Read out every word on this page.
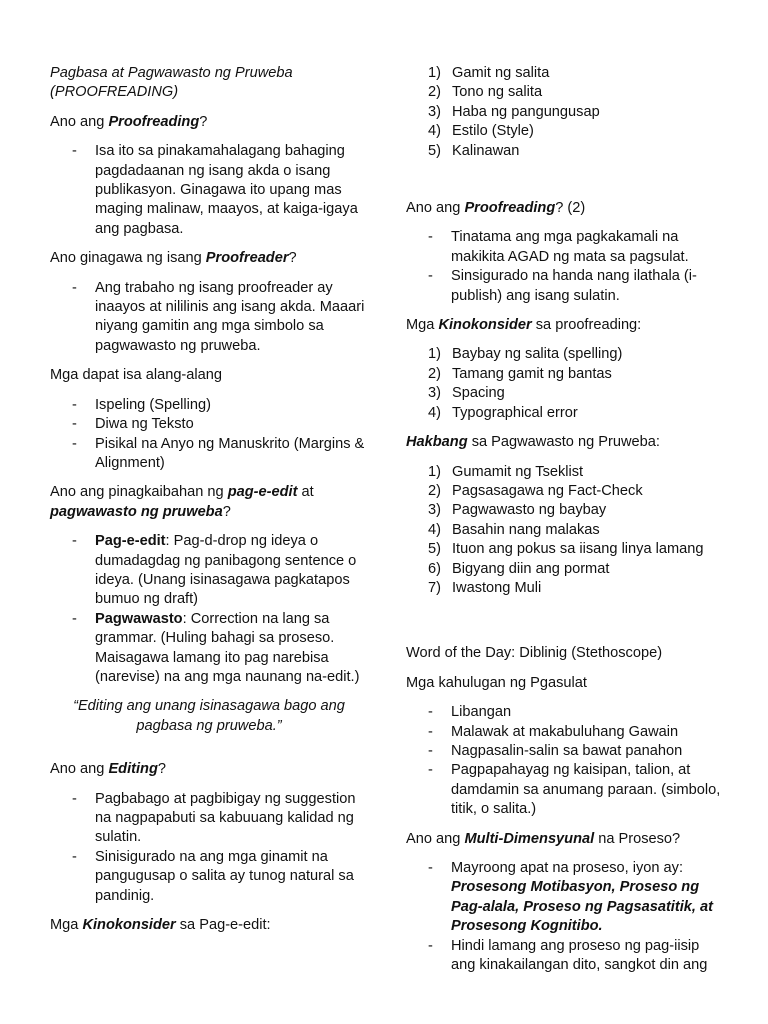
Pagbasa at Pagwawasto ng Pruweba
(PROOFREADING)

Ano ang Proofreading?

- Isa ito sa pinakamahalagang bahaging pagdadaanan ng isang akda o isang publikasyon. Ginagawa ito upang mas maging malinaw, maayos, at kaiga-igaya ang pagbasa.

Ano ginagawa ng isang Proofreader?

- Ang trabaho ng isang proofreader ay inaayos at nililinis ang isang akda. Maaari niyang gamitin ang mga simbolo sa pagwawasto ng pruweba.

Mga dapat isa alang-alang

- Ispeling (Spelling)
- Diwa ng Teksto
- Pisikal na Anyo ng Manuskrito (Margins & Alignment)

Ano ang pinagkaibahan ng pag-e-edit at pagwawasto ng pruweba?

- Pag-e-edit: Pag-d-drop ng ideya o dumadagdag ng panibagong sentence o ideya. (Unang isinasagawa pagkatapos bumuo ng draft)
- Pagwawasto: Correction na lang sa grammar. (Huling bahagi sa proseso. Maisagawa lamang ito pag narebisa (narevise) na ang mga naunang na-edit.)
“Editing ang unang isinasagawa bago ang pagbasa ng pruweba.”

Ano ang Editing?

- Pagbabago at pagbibigay ng suggestion na nagpapabuti sa kabuuang kalidad ng sulatin.
- Sinisigurado na ang mga ginamit na pangugusap o salita ay tunog natural sa pandinig.

Mga Kinokonsider sa Pag-e-edit:

1) Gamit ng salita
2) Tono ng salita
3) Haba ng pangungusap
4) Estilo (Style)
5) Kalinawan

Ano ang Proofreading? (2)

- Tinatama ang mga pagkakamali na makikita AGAD ng mata sa pagsulat.
- Sinsigurado na handa nang ilathala (i-publish) ang isang sulatin.

Mga Kinokonsider sa proofreading:

1) Baybay ng salita (spelling)
2) Tamang gamit ng bantas
3) Spacing
4) Typographical error

Hakbang sa Pagwawasto ng Pruweba:

1) Gumamit ng Tseklist
2) Pagsasagawa ng Fact-Check
3) Pagwawasto ng baybay
4) Basahin nang malakas
5) Ituon ang pokus sa iisang linya lamang
6) Bigyang diin ang pormat
7) Iwastong Muli

Word of the Day: Diblinig (Stethoscope)

Mga kahulugan ng Pgasulat

- Libangan
- Malawak at makabuluhang Gawain
- Nagpasalin-salin sa bawat panahon
- Pagpapahayag ng kaisipan, talion, at damdamin sa anumang paraan. (simbolo, titik, o salita.)

Ano ang Multi-Dimensyunal na Proseso?

- Mayroong apat na proseso, iyon ay: Prosesong Motibasyon, Proseso ng Pag-alala, Proseso ng Pagsasatitik, at Prosesong Kognitibo.
- Hindi lamang ang proseso ng pag-iisip ang kinakailangan dito, sangkot din ang
